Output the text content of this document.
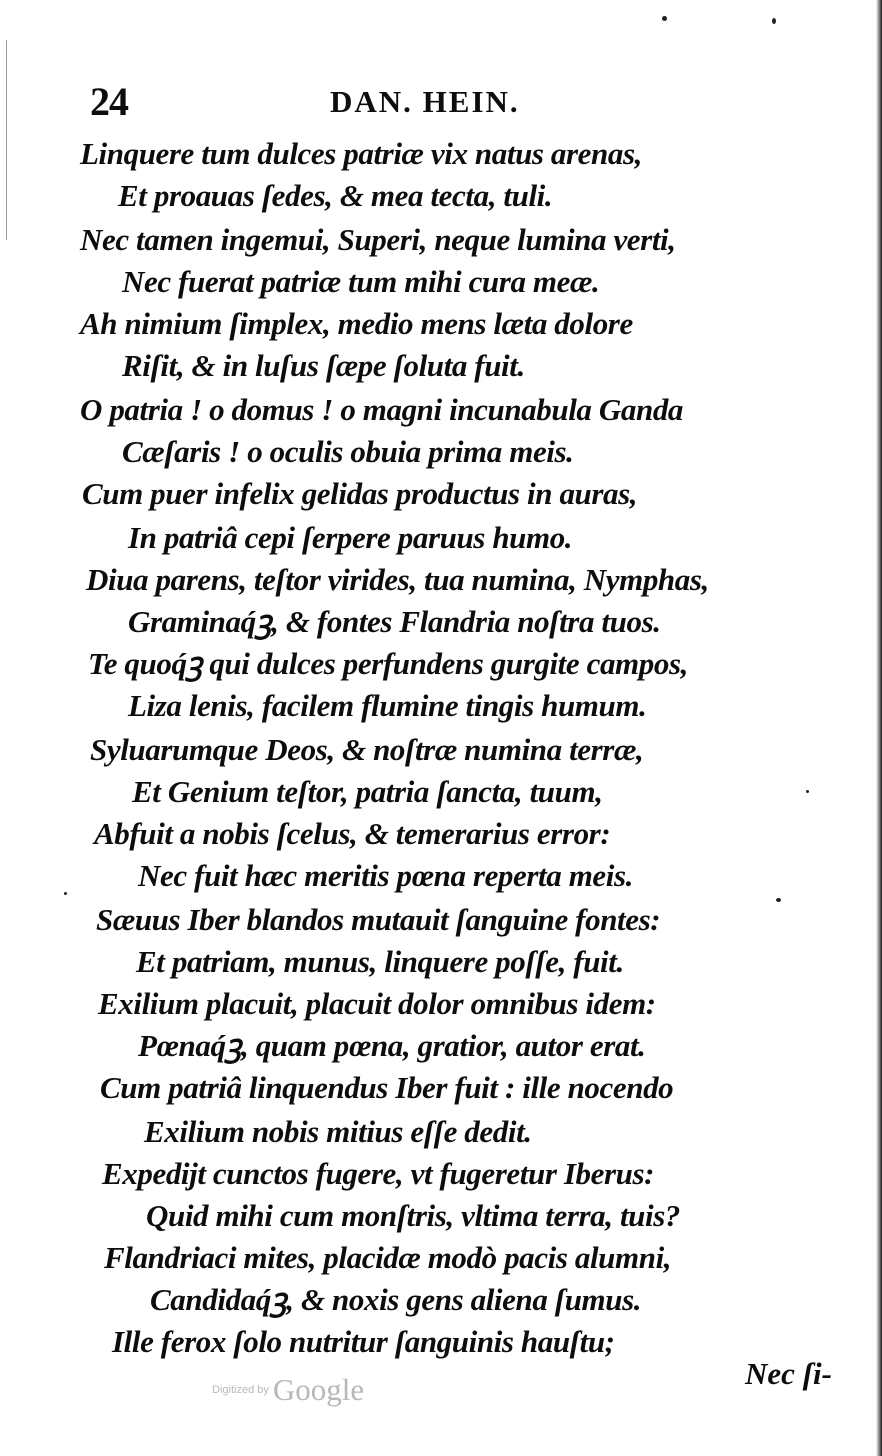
24	DAN. HEIN.
Linquere tum dulces patriæ vix natus arenas,
Et proauas ſedes, & mea tecta, tuli.
Nec tamen ingemui, Superi, neque lumina verti,
Nec fuerat patriæ tum mihi cura meæ.
Ah nimium ſimplex, medio mens læta dolore
Riſit, & in luſus ſæpe ſoluta fuit.
O patria ! o domus ! o magni incunabula Ganda
Cæſaris ! o oculis obuia prima meis.
Cum puer infelix gelidas productus in auras,
In patriâ cepi ſerpere paruus humo.
Diua parens, teſtor virides, tua numina, Nymphas,
Graminaq́ꝫ, & fontes Flandria noſtra tuos.
Te quoq́ꝫ qui dulces perfundens gurgite campos,
Liza lenis, facilem flumine tingis humum.
Syluarumque Deos, & noſtræ numina terræ,
Et Genium teſtor, patria ſancta, tuum,
Abfuit a nobis ſcelus, & temerarius error:
Nec fuit hæc meritis pœna reperta meis.
Sæuus Iber blandos mutauit ſanguine fontes:
Et patriam, munus, linquere poſſe, fuit.
Exilium placuit, placuit dolor omnibus idem:
Pœnaq́ꝫ, quam pœna, gratior, autor erat.
Cum patriâ linquendus Iber fuit : ille nocendo
Exilium nobis mitius eſſe dedit.
Expedijt cunctos fugere, vt fugeretur Iberus:
Quid mihi cum monſtris, vltima terra, tuis?
Flandriaci mites, placidæ modò pacis alumni,
Candidaq́ꝫ, & noxis gens aliena ſumus.
Ille ferox ſolo nutritur ſanguinis hauſtu;
Nec ſi-
Digitized by Google
